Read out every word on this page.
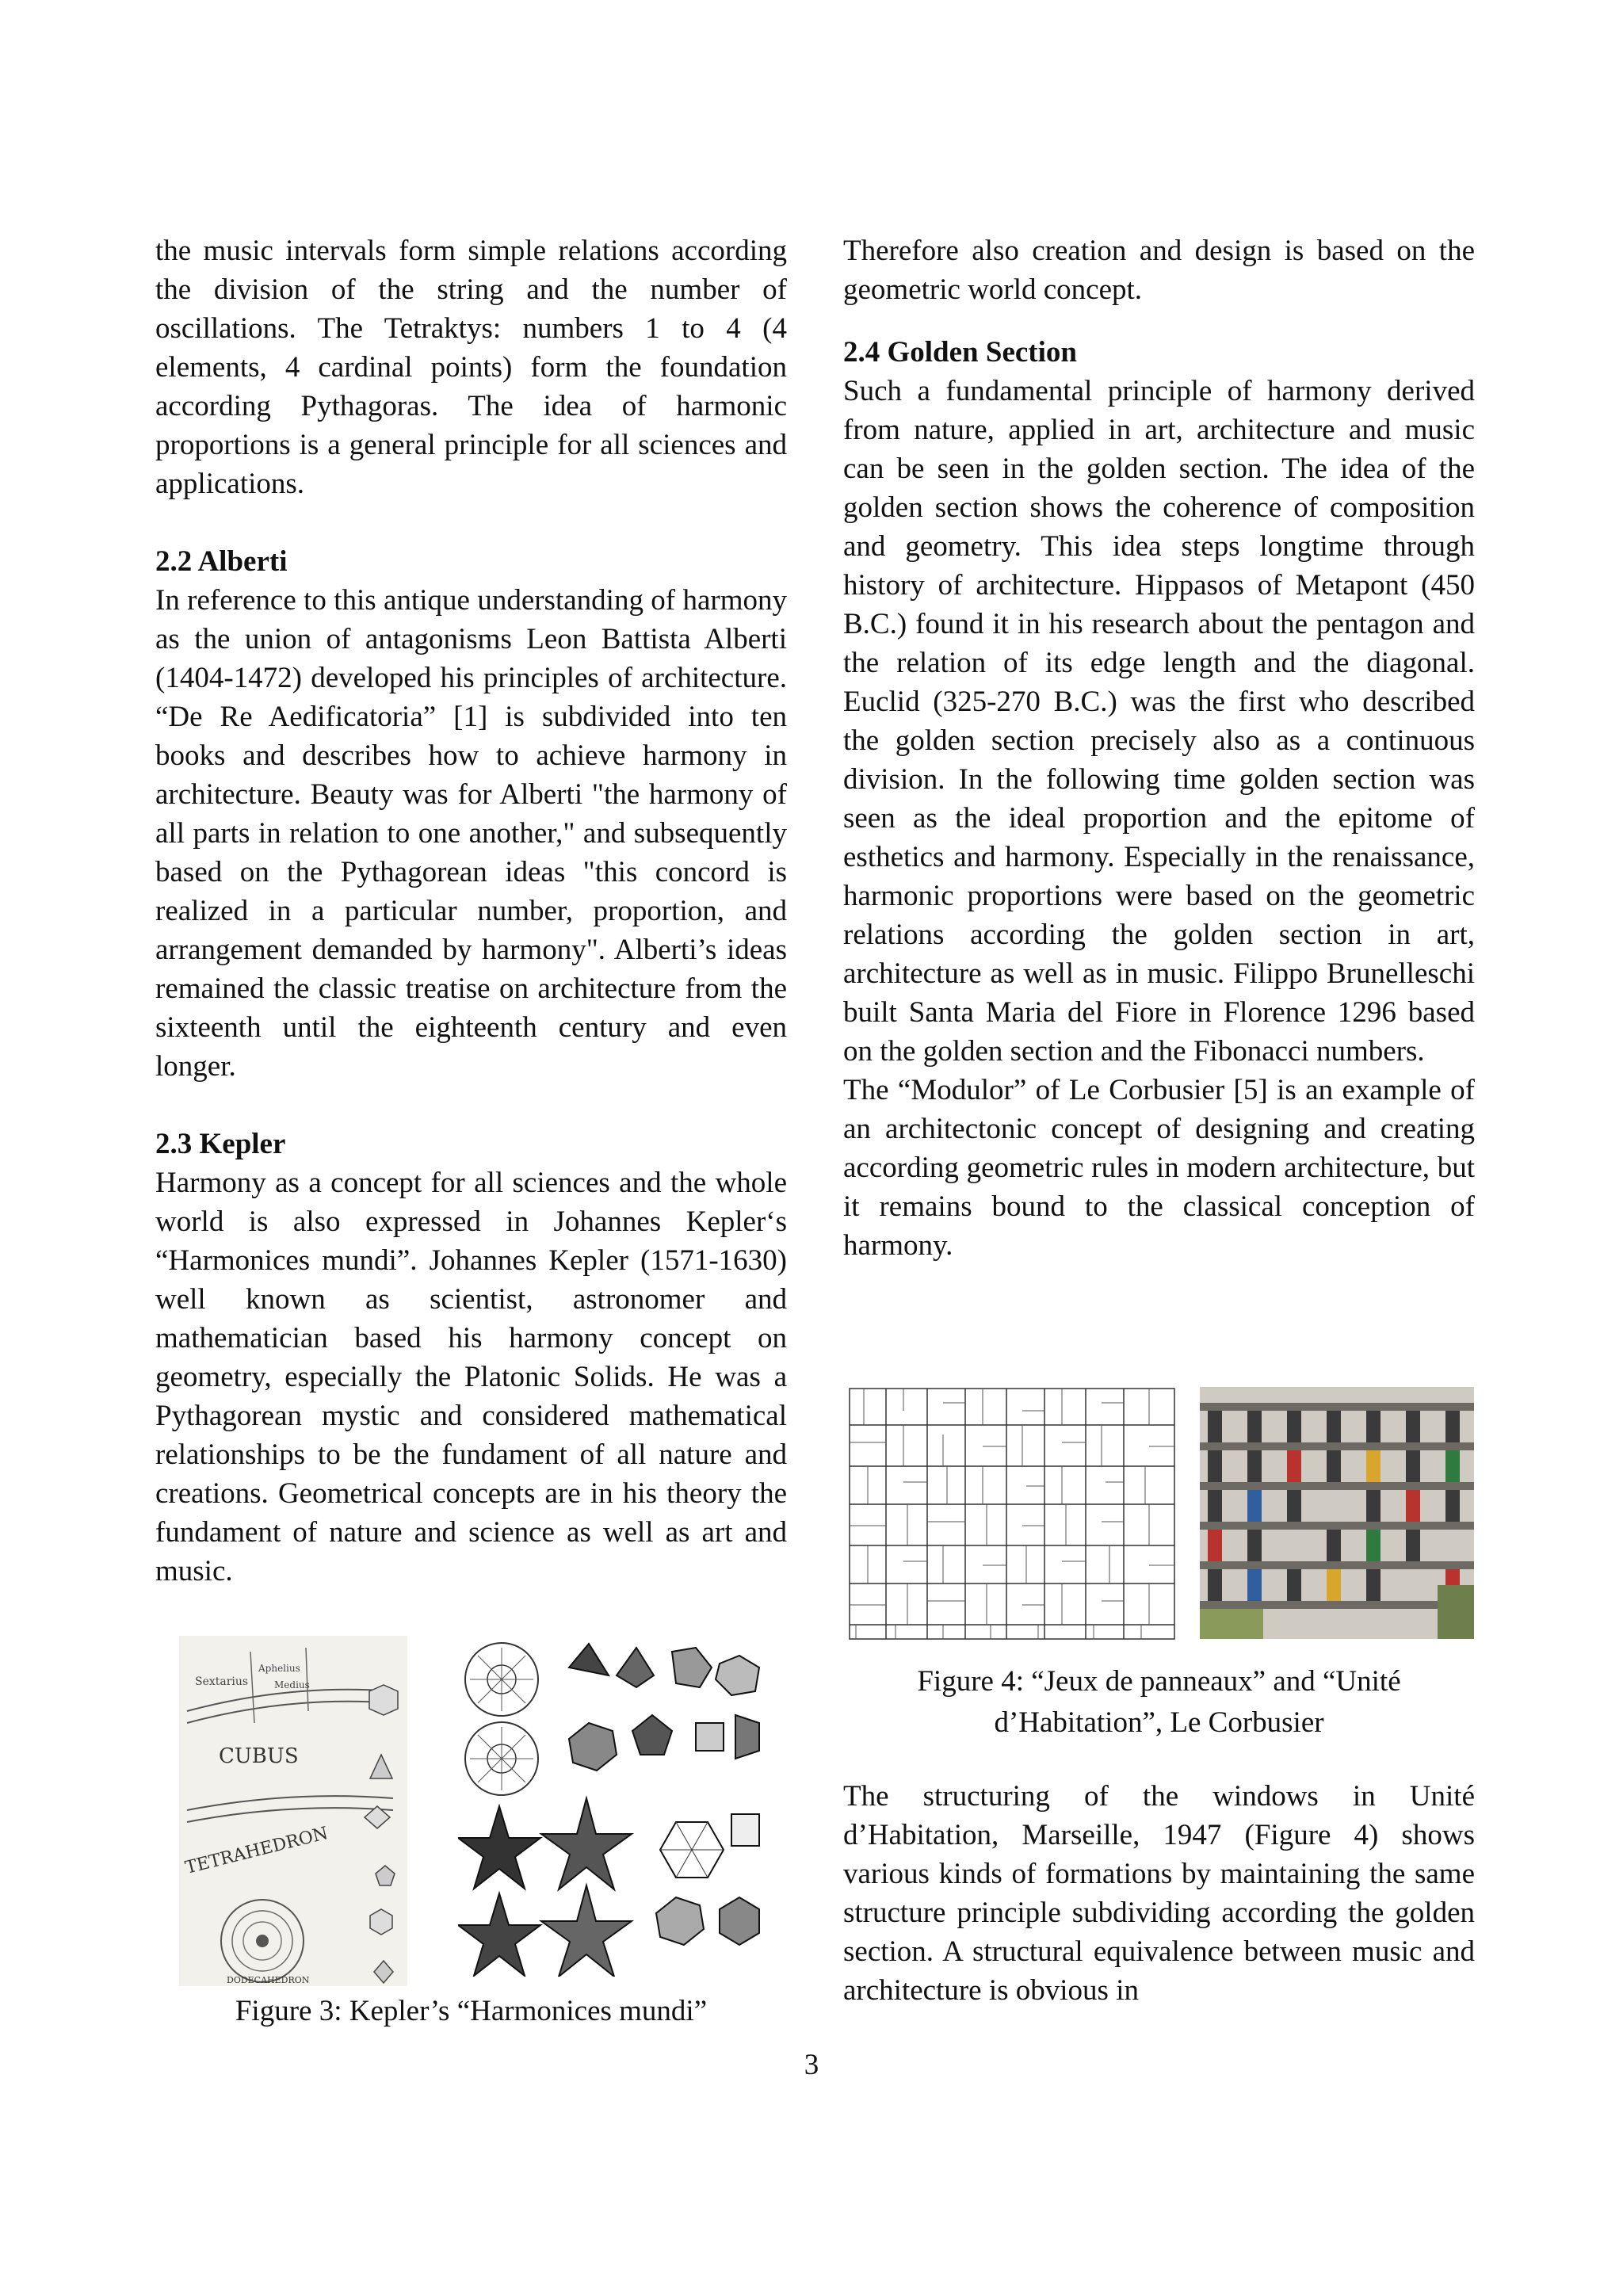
the music intervals form simple relations according the division of the string and the number of oscillations. The Tetraktys: numbers 1 to 4 (4 elements, 4 cardinal points) form the foundation according Pythagoras. The idea of harmonic proportions is a general principle for all sciences and applications.

2.2 Alberti

In reference to this antique understanding of harmony as the union of antagonisms Leon Battista Alberti (1404-1472) developed his principles of architecture. “De Re Aedificatoria” [1] is subdivided into ten books and describes how to achieve harmony in architecture. Beauty was for Alberti "the harmony of all parts in relation to one another," and subsequently based on the Pythagorean ideas "this concord is realized in a particular number, proportion, and arrangement demanded by harmony". Alberti’s ideas remained the classic treatise on architecture from the sixteenth until the eighteenth century and even longer.

2.3 Kepler

Harmony as a concept for all sciences and the whole world is also expressed in Johannes Kepler‘s “Harmonices mundi”. Johannes Kepler (1571-1630) well known as scientist, astronomer and mathematician based his harmony concept on geometry, especially the Platonic Solids. He was a Pythagorean mystic and considered mathematical relationships to be the fundament of all nature and creations. Geometrical concepts are in his theory the fundament of nature and science as well as art and music.

Sextarius
Aphelius
Medius
CUBUS
TETRAHEDRON
DODECAHEDRON
Figure 3: Kepler’s “Harmonices mundi”

Therefore also creation and design is based on the geometric world concept.

2.4 Golden Section

Such a fundamental principle of harmony derived from nature, applied in art, architecture and music can be seen in the golden section. The idea of the golden section shows the coherence of composition and geometry. This idea steps longtime through history of architecture. Hippasos of Metapont (450 B.C.) found it in his research about the pentagon and the relation of its edge length and the diagonal. Euclid (325-270 B.C.) was the first who described the golden section precisely also as a continuous division. In the following time golden section was seen as the ideal proportion and the epitome of esthetics and harmony. Especially in the renaissance, harmonic proportions were based on the geometric relations according the golden section in art, architecture as well as in music. Filippo Brunelleschi built Santa Maria del Fiore in Florence 1296 based on the golden section and the Fibonacci numbers.

The “Modulor” of Le Corbusier [5] is an example of an architectonic concept of designing and creating according geometric rules in modern architecture, but it remains bound to the classical conception of harmony.

Figure 4: “Jeux de panneaux” and “Unité
d’Habitation”, Le Corbusier

The structuring of the windows in Unité d’Habitation, Marseille, 1947 (Figure 4) shows various kinds of formations by maintaining the same structure principle subdividing according the golden section. A structural equivalence between music and architecture is obvious in

3
